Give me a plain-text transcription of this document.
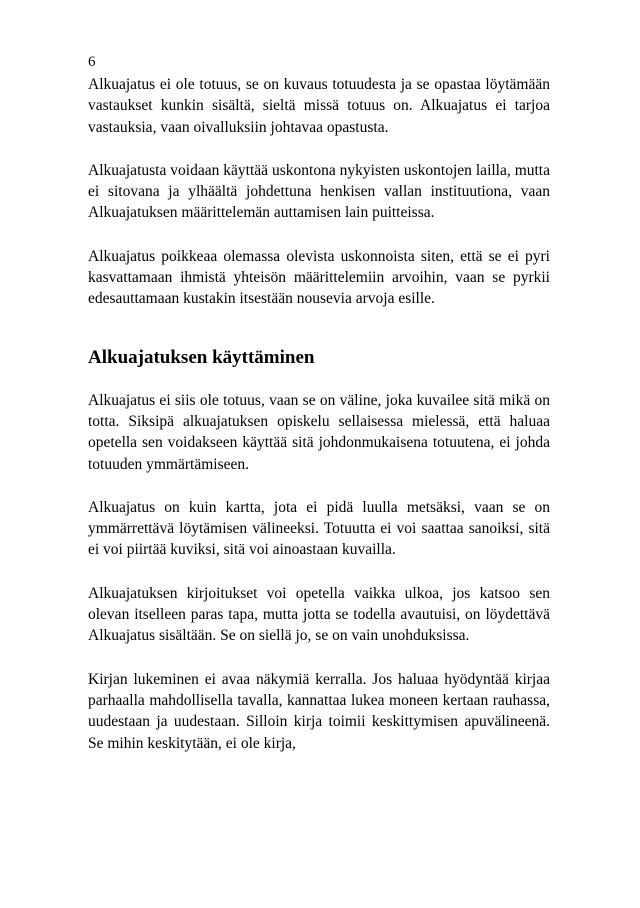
6

Alkuajatus ei ole totuus, se on kuvaus totuudesta ja se opastaa löytämään vastaukset kunkin sisältä, sieltä missä totuus on. Alkuajatus ei tarjoa vastauksia, vaan oivalluksiin johtavaa opastusta.

Alkuajatusta voidaan käyttää uskontona nykyisten uskontojen lailla, mutta ei sitovana ja ylhäältä johdettuna henkisen vallan instituutiona, vaan Alkuajatuksen määrittelemän auttamisen lain puitteissa.

Alkuajatus poikkeaa olemassa olevista uskonnoista siten, että se ei pyri kasvattamaan ihmistä yhteisön määrittelemiin arvoihin, vaan se pyrkii edesauttamaan kustakin itsestään nousevia arvoja esille.

Alkuajatuksen käyttäminen

Alkuajatus ei siis ole totuus, vaan se on väline, joka kuvailee sitä mikä on totta. Siksipä alkuajatuksen opiskelu sellaisessa mielessä, että haluaa opetella sen voidakseen käyttää sitä johdonmukaisena totuutena, ei johda totuuden ymmärtämiseen.

Alkuajatus on kuin kartta, jota ei pidä luulla metsäksi, vaan se on ymmärrettävä löytämisen välineeksi. Totuutta ei voi saattaa sanoiksi, sitä ei voi piirtää kuviksi, sitä voi ainoastaan kuvailla.

Alkuajatuksen kirjoitukset voi opetella vaikka ulkoa, jos katsoo sen olevan itselleen paras tapa, mutta jotta se todella avautuisi, on löydettävä Alkuajatus sisältään. Se on siellä jo, se on vain unohduksissa.

Kirjan lukeminen ei avaa näkymiä kerralla. Jos haluaa hyödyntää kirjaa parhaalla mahdollisella tavalla, kannattaa lukea moneen kertaan rauhassa, uudestaan ja uudestaan. Silloin kirja toimii keskittymisen apuvälineenä. Se mihin keskitytään, ei ole kirja,
